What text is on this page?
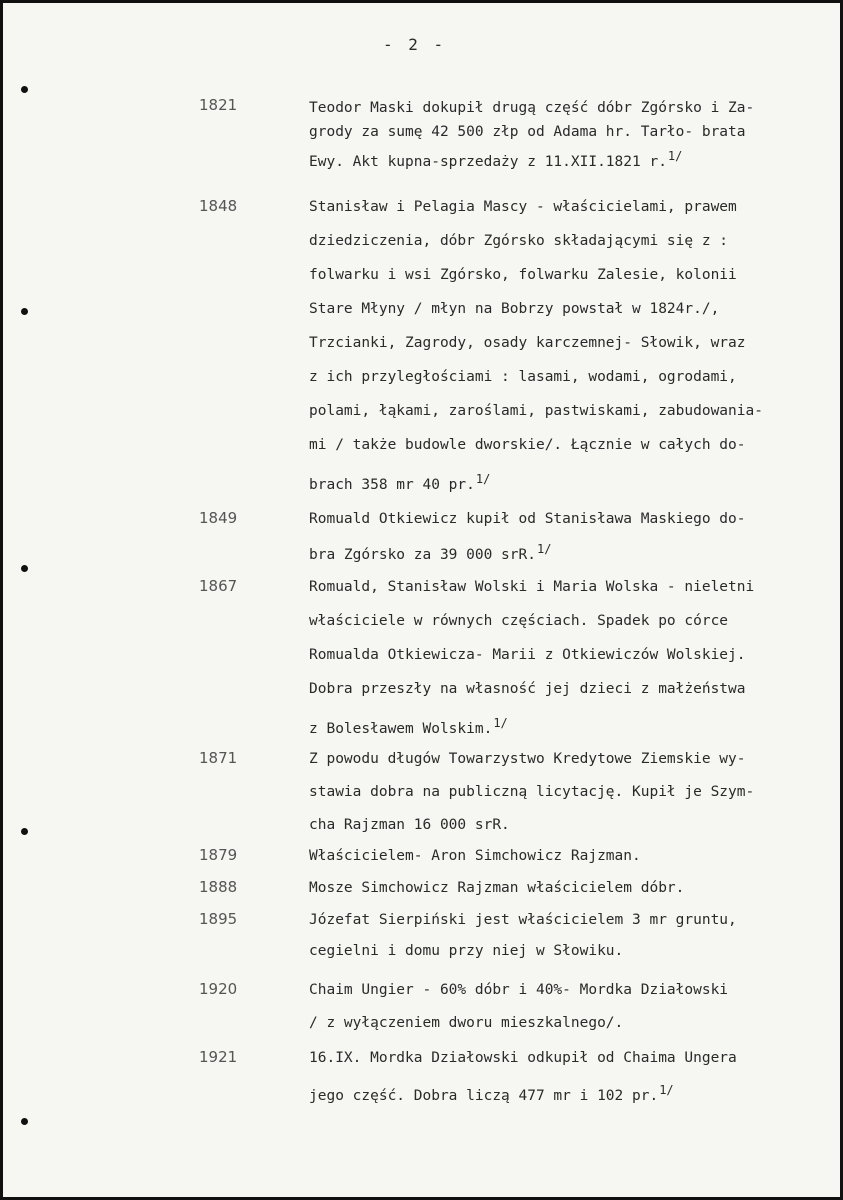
- 2 -
1821	Teodor Maski dokupił drugą część dóbr Zgórsko i Za-
grody za sumę 42 500 złp od Adama hr. Tarło- brata
Ewy. Akt kupna-sprzedaży z 11.XII.1821 r.$^{1/}$
1848	Stanisław i Pelagia Mascy - właścicielami, prawem
dziedziczenia, dóbr Zgórsko składającymi się z :
folwarku i wsi Zgórsko, folwarku Zalesie, kolonii
Stare Młyny / młyn na Bobrzy powstał w 1824r./,
Trzcianki, Zagrody, osady karczemnej- Słowik, wraz
z ich przyległościami : lasami, wodami, ogrodami,
polami, łąkami, zaroślami, pastwiskami, zabudowania-
mi / także budowle dworskie/. Łącznie w całych do-
brach 358 mr 40 pr.$^{1/}$
1849	Romuald Otkiewicz kupił od Stanisława Maskiego do-
bra Zgórsko za 39 000 srR.$^{1/}$
1867	Romuald, Stanisław Wolski i Maria Wolska - nieletni
właściciele w równych częściach. Spadek po córce
Romualda Otkiewicza- Marii z Otkiewiczów Wolskiej.
Dobra przeszły na własność jej dzieci z małżeństwa
z Bolesławem Wolskim.$^{1/}$
1871	Z powodu długów Towarzystwo Kredytowe Ziemskie wy-
stawia dobra na publiczną licytację. Kupił je Szym-
cha Rajzman 16 000 srR.
1879	Właścicielem- Aron Simchowicz Rajzman.
1888	Mosze Simchowicz Rajzman właścicielem dóbr.
1895	Józefat Sierpiński jest właścicielem 3 mr gruntu,
cegielni i domu przy niej w Słowiku.
1920	Chaim Ungier - 60% dóbr i 40%- Mordka Działowski
/ z wyłączeniem dworu mieszkalnego/.
1921	16.IX. Mordka Działowski odkupił od Chaima Ungera
jego część. Dobra liczą 477 mr i 102 pr.$^{1/}$
